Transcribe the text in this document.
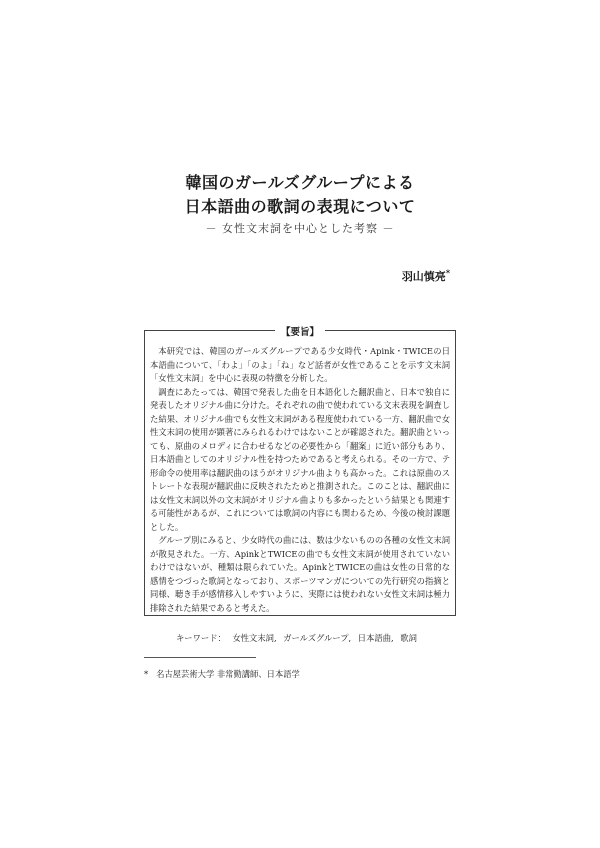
韓国のガールズグループによる
日本語曲の歌詞の表現について
－ 女性文末詞を中心とした考察 －
羽山慎亮*
【要旨】

本研究では、韓国のガールズグループである少女時代・Apink・TWICEの日本語曲について、「わよ」「のよ」「ね」など話者が女性であることを示す文末詞「女性文末詞」を中心に表現の特徴を分析した。

調査にあたっては、韓国で発表した曲を日本語化した翻訳曲と、日本で独自に発表したオリジナル曲に分けた。それぞれの曲で使われている文末表現を調査した結果、オリジナル曲でも女性文末詞がある程度使われている一方、翻訳曲で女性文末詞の使用が顕著にみられるわけではないことが確認された。翻訳曲といっても、原曲のメロディに合わせるなどの必要性から「翻案」に近い部分もあり、日本語曲としてのオリジナル性を持つためであると考えられる。その一方で、テ形命令の使用率は翻訳曲のほうがオリジナル曲よりも高かった。これは原曲のストレートな表現が翻訳曲に反映されたためと推測された。このことは、翻訳曲には女性文末詞以外の文末詞がオリジナル曲よりも多かったという結果とも関連する可能性があるが、これについては歌詞の内容にも関わるため、今後の検討課題とした。

グループ別にみると、少女時代の曲には、数は少ないものの各種の女性文末詞が散見された。一方、ApinkとTWICEの曲でも女性文末詞が使用されていないわけではないが、種類は限られていた。ApinkとTWICEの曲は女性の日常的な感情をつづった歌詞となっており、スポーツマンガについての先行研究の指摘と同様、聴き手が感情移入しやすいように、実際には使われない女性文末詞は極力排除された結果であると考えた。

キーワード： 女性文末詞, ガールズグループ, 日本語曲, 歌詞
* 名古屋芸術大学 非常勤講師、日本語学
